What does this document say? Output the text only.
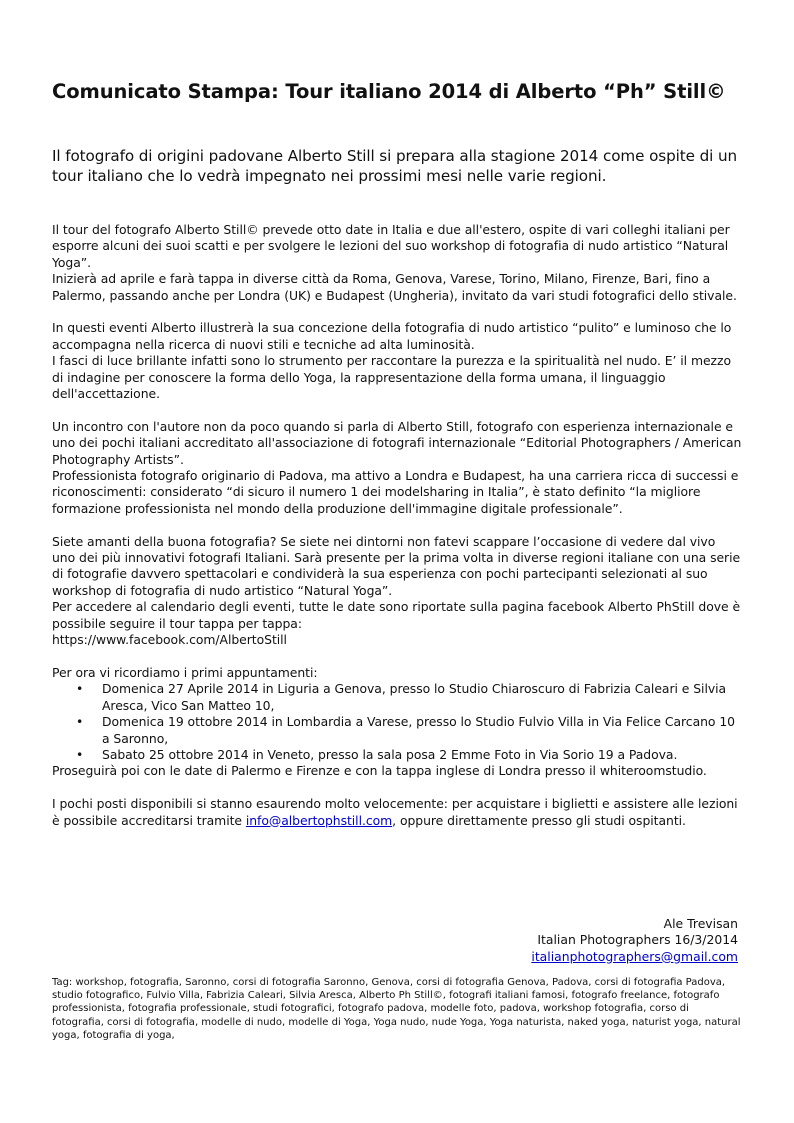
Comunicato Stampa: Tour italiano 2014 di Alberto “Ph” Still©

Il fotografo di origini padovane Alberto Still si prepara alla stagione 2014 come ospite di un tour italiano che lo vedrà impegnato nei prossimi mesi nelle varie regioni.

Il tour del fotografo Alberto Still© prevede otto date in Italia e due all'estero, ospite di vari colleghi italiani per esporre alcuni dei suoi scatti e per svolgere le lezioni del suo workshop di fotografia di nudo artistico “Natural Yoga”.

Inizierà ad aprile e farà tappa in diverse città da Roma, Genova, Varese, Torino, Milano, Firenze, Bari, fino a Palermo, passando anche per Londra (UK) e Budapest (Ungheria), invitato da vari studi fotografici dello stivale.

In questi eventi Alberto illustrerà la sua concezione della fotografia di nudo artistico “pulito” e luminoso che lo accompagna nella ricerca di nuovi stili e tecniche ad alta luminosità.

I fasci di luce brillante infatti sono lo strumento per raccontare la purezza e la spiritualità nel nudo. E’ il mezzo di indagine per conoscere la forma dello Yoga, la rappresentazione della forma umana, il linguaggio dell'accettazione.

Un incontro con l'autore non da poco quando si parla di Alberto Still, fotografo con esperienza internazionale e uno dei pochi italiani accreditato all'associazione di fotografi internazionale “Editorial Photographers / American Photography Artists”.

Professionista fotografo originario di Padova, ma attivo a Londra e Budapest, ha una carriera ricca di successi e riconoscimenti: considerato “di sicuro il numero 1 dei modelsharing in Italia”, è stato definito “la migliore formazione professionista nel mondo della produzione dell'immagine digitale professionale”.

Siete amanti della buona fotografia? Se siete nei dintorni non fatevi scappare l’occasione di vedere dal vivo uno dei più innovativi fotografi Italiani. Sarà presente per la prima volta in diverse regioni italiane con una serie di fotografie davvero spettacolari e condividerà la sua esperienza con pochi partecipanti selezionati al suo workshop di fotografia di nudo artistico “Natural Yoga”.
Per accedere al calendario degli eventi, tutte le date sono riportate sulla pagina facebook Alberto PhStill dove è possibile seguire il tour tappa per tappa:

https://www.facebook.com/AlbertoStill

Per ora vi ricordiamo i primi appuntamenti:
• Domenica 27 Aprile 2014 in Liguria a Genova, presso lo Studio Chiaroscuro di Fabrizia Caleari e Silvia Aresca, Vico San Matteo 10,
• Domenica 19 ottobre 2014 in Lombardia a Varese, presso lo Studio Fulvio Villa in Via Felice Carcano 10 a Saronno,
• Sabato 25 ottobre 2014 in Veneto, presso la sala posa 2 Emme Foto in Via Sorio 19 a Padova.

Proseguirà poi con le date di Palermo e Firenze e con la tappa inglese di Londra presso il whiteroomstudio.

I pochi posti disponibili si stanno esaurendo molto velocemente: per acquistare i biglietti e assistere alle lezioni è possibile accreditarsi tramite info@albertophstill.com, oppure direttamente presso gli studi ospitanti.

Ale Trevisan
Italian Photographers 16/3/2014
italianphotographers@gmail.com

Tag: workshop, fotografia, Saronno, corsi di fotografia Saronno, Genova, corsi di fotografia Genova, Padova, corsi di fotografia Padova, studio fotografico, Fulvio Villa, Fabrizia Caleari, Silvia Aresca, Alberto Ph Still©, fotografi italiani famosi, fotografo freelance, fotografo professionista, fotografia professionale, studi fotografici, fotografo padova, modelle foto, padova, workshop fotografia, corso di fotografia, corsi di fotografia, modelle di nudo, modelle di Yoga, Yoga nudo, nude Yoga, Yoga naturista, naked yoga, naturist yoga, natural yoga, fotografia di yoga,
